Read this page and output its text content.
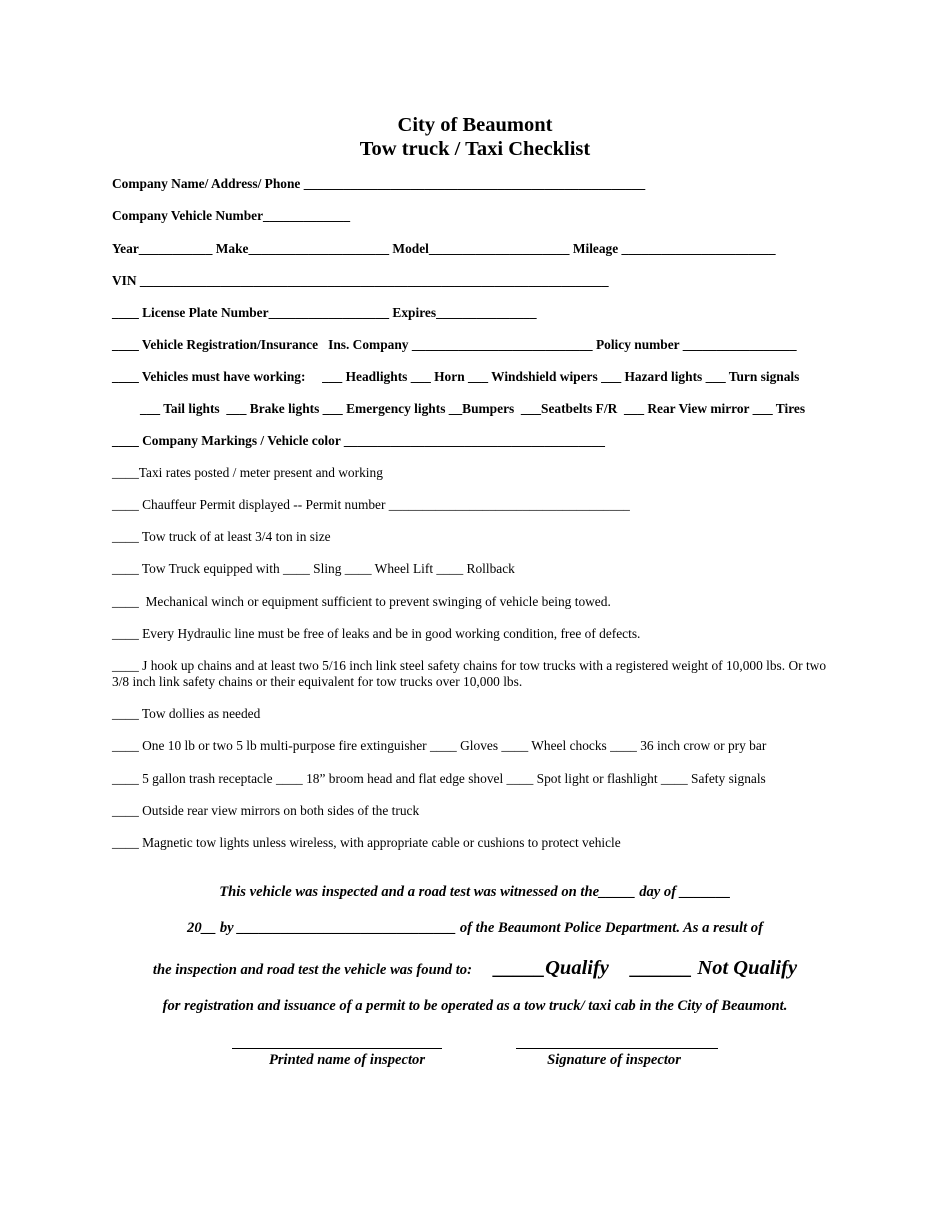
City of Beaumont
Tow truck / Taxi Checklist
Company Name/ Address/ Phone ___________________________________________________
Company Vehicle Number_____________
Year___________ Make_____________________ Model_____________________ Mileage _______________________
VIN ______________________________________________________________________
____ License Plate Number__________________ Expires_______________
____ Vehicle Registration/Insurance   Ins. Company ___________________________ Policy number _________________
____ Vehicles must have working:     ___ Headlights ___ Horn ___ Windshield wipers ___ Hazard lights ___ Turn signals
___ Tail lights  ___ Brake lights ___ Emergency lights __Bumpers  ___Seatbelts F/R  ___ Rear View mirror ___ Tires
____ Company Markings / Vehicle color _______________________________________
____Taxi rates posted / meter present and working
____ Chauffeur Permit displayed -- Permit number ____________________________________
____ Tow truck of at least 3/4 ton in size
____ Tow Truck equipped with ____ Sling ____ Wheel Lift ____ Rollback
____  Mechanical winch or equipment sufficient to prevent swinging of vehicle being towed.
____ Every Hydraulic line must be free of leaks and be in good working condition, free of defects.
____ J hook up chains and at least two 5/16 inch link steel safety chains for tow trucks with a registered weight of 10,000 lbs. Or two 3/8 inch link safety chains or their equivalent for tow trucks over 10,000 lbs.
____ Tow dollies as needed
____ One 10 lb or two 5 lb multi-purpose fire extinguisher ____ Gloves ____ Wheel chocks ____ 36 inch crow or pry bar
____ 5 gallon trash receptacle ____ 18” broom head and flat edge shovel ____ Spot light or flashlight ____ Safety signals
____ Outside rear view mirrors on both sides of the truck
____ Magnetic tow lights unless wireless, with appropriate cable or cushions to protect vehicle
This vehicle was inspected and a road test was witnessed on the_____ day of _______
20__ by ______________________________ of the Beaumont Police Department. As a result of
the inspection and road test the vehicle was found to: _____Qualify ______ Not Qualify
for registration and issuance of a permit to be operated as a tow truck/ taxi cab in the City of Beaumont.
Printed name of inspector	Signature of inspector
